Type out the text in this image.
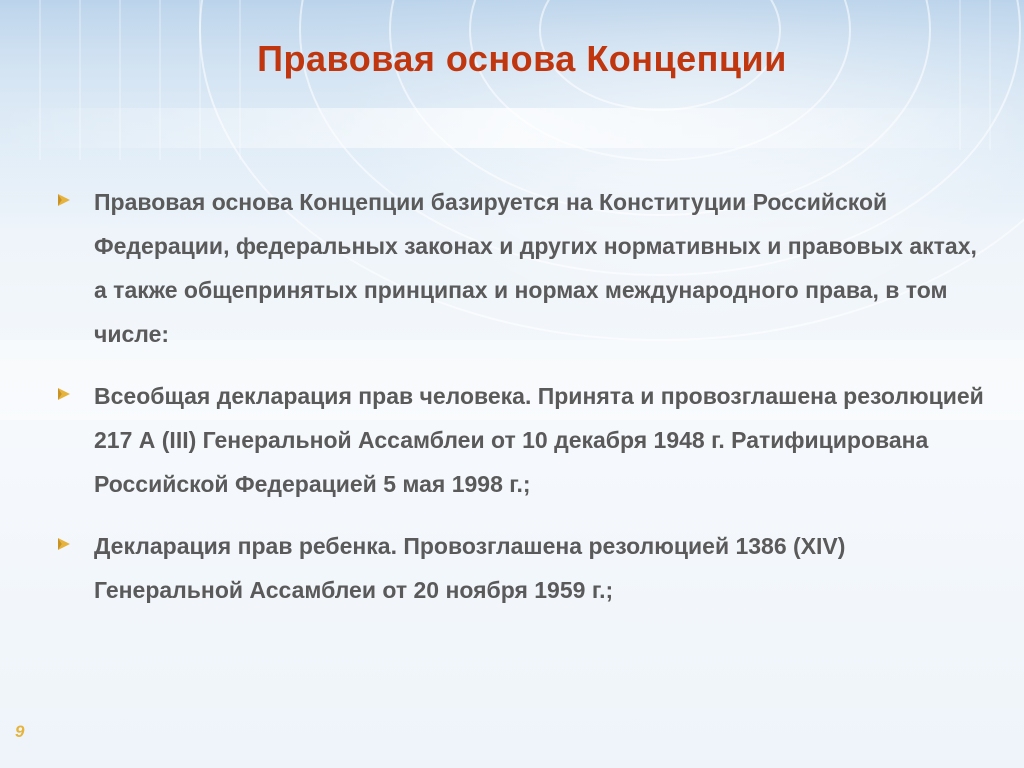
Правовая основа Концепции
Правовая основа Концепции базируется на Конституции Российской Федерации, федеральных законах и других нормативных и правовых актах, а также общепринятых принципах и нормах международного права, в том числе:
Всеобщая декларация прав человека. Принята и провозглашена резолюцией 217 А (III) Генеральной Ассамблеи от 10 декабря 1948 г. Ратифицирована Российской Федерацией 5 мая 1998 г.;
Декларация прав ребенка. Провозглашена резолюцией 1386 (XIV) Генеральной Ассамблеи от 20 ноября 1959 г.;
9
